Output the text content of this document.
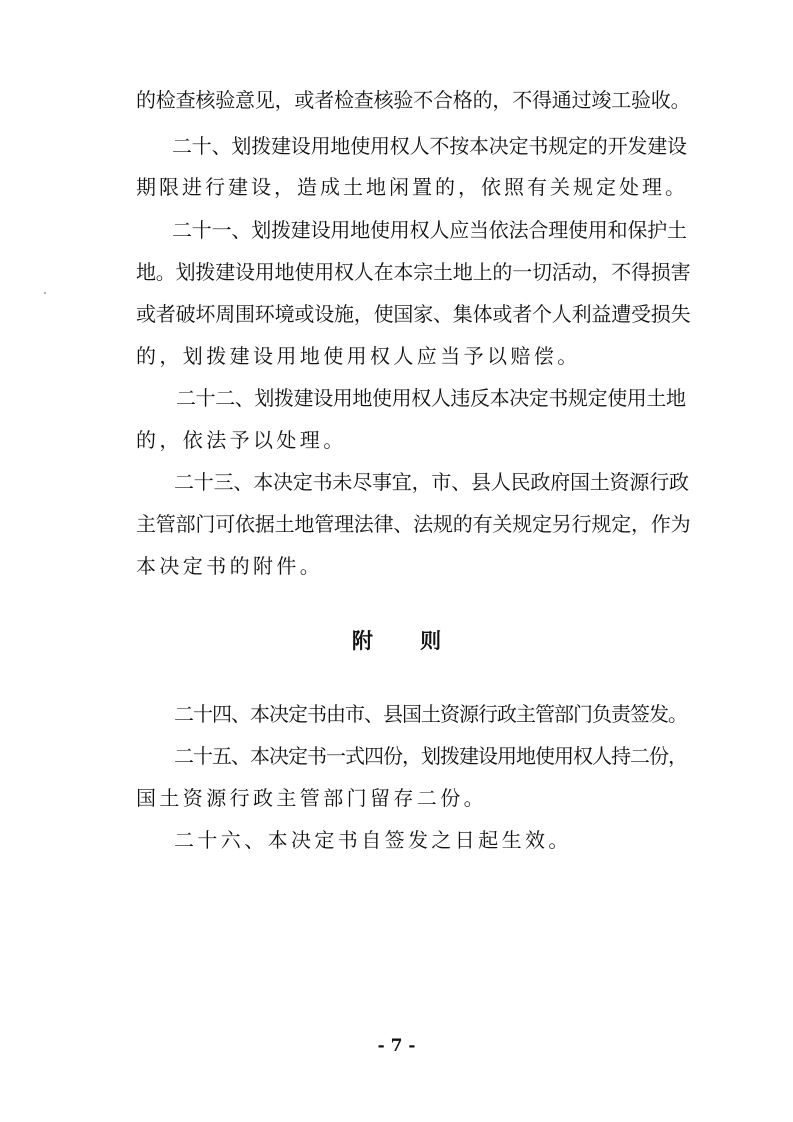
的检查核验意见，或者检查核验不合格的，不得通过竣工验收。
二十、划拨建设用地使用权人不按本决定书规定的开发建设
期限进行建设，造成土地闲置的，依照有关规定处理。
二十一、划拨建设用地使用权人应当依法合理使用和保护土
地。划拨建设用地使用权人在本宗土地上的一切活动，不得损害
或者破坏周围环境或设施，使国家、集体或者个人利益遭受损失
的，划拨建设用地使用权人应当予以赔偿。
二十二、划拨建设用地使用权人违反本决定书规定使用土地
的，依法予以处理。
二十三、本决定书未尽事宜，市、县人民政府国土资源行政
主管部门可依据土地管理法律、法规的有关规定另行规定，作为
本决定书的附件。
附 则
二十四、本决定书由市、县国土资源行政主管部门负责签发。
二十五、本决定书一式四份，划拨建设用地使用权人持二份，
国土资源行政主管部门留存二份。
二十六、本决定书自签发之日起生效。
- 7 -
